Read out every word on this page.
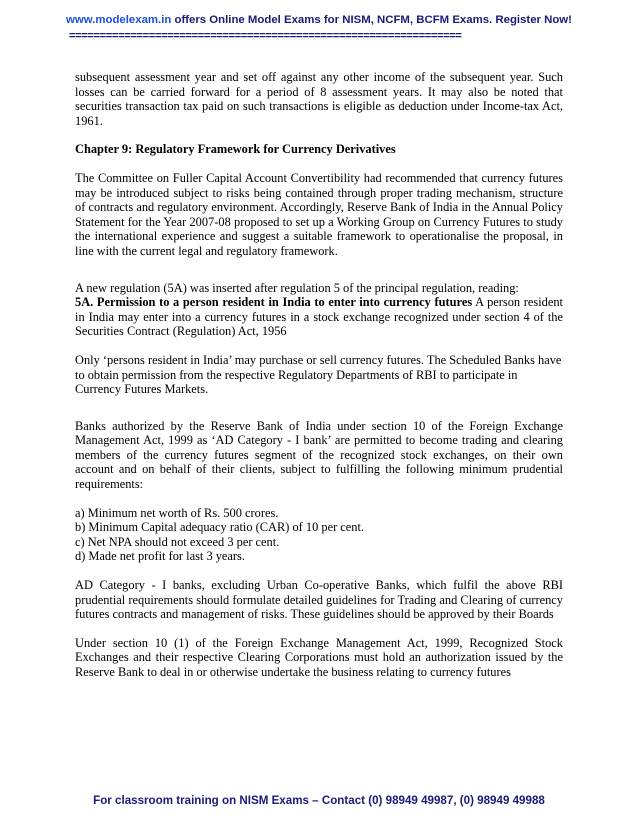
www.modelexam.in offers Online Model Exams for NISM, NCFM, BCFM Exams. Register Now!
================================================================

subsequent assessment year and set off against any other income of the subsequent year. Such losses can be carried forward for a period of 8 assessment years. It may also be noted that securities transaction tax paid on such transactions is eligible as deduction under Income-tax Act, 1961.

Chapter 9: Regulatory Framework for Currency Derivatives

The Committee on Fuller Capital Account Convertibility had recommended that currency futures may be introduced subject to risks being contained through proper trading mechanism, structure of contracts and regulatory environment. Accordingly, Reserve Bank of India in the Annual Policy Statement for the Year 2007-08 proposed to set up a Working Group on Currency Futures to study the international experience and suggest a suitable framework to operationalise the proposal, in line with the current legal and regulatory framework.

A new regulation (5A) was inserted after regulation 5 of the principal regulation, reading:

5A. Permission to a person resident in India to enter into currency futures A person resident in India may enter into a currency futures in a stock exchange recognized under section 4 of the Securities Contract (Regulation) Act, 1956

Only ‘persons resident in India’ may purchase or sell currency futures. The Scheduled Banks have to obtain permission from the respective Regulatory Departments of RBI to participate in Currency Futures Markets.

Banks authorized by the Reserve Bank of India under section 10 of the Foreign Exchange Management Act, 1999 as ‘AD Category - I bank’ are permitted to become trading and clearing members of the currency futures segment of the recognized stock exchanges, on their own account and on behalf of their clients, subject to fulfilling the following minimum prudential requirements:

a) Minimum net worth of Rs. 500 crores.

b) Minimum Capital adequacy ratio (CAR) of 10 per cent.

c) Net NPA should not exceed 3 per cent.

d) Made net profit for last 3 years.

AD Category - I banks, excluding Urban Co-operative Banks, which fulfil the above RBI prudential requirements should formulate detailed guidelines for Trading and Clearing of currency futures contracts and management of risks. These guidelines should be approved by their Boards

Under section 10 (1) of the Foreign Exchange Management Act, 1999, Recognized Stock Exchanges and their respective Clearing Corporations must hold an authorization issued by the Reserve Bank to deal in or otherwise undertake the business relating to currency futures

For classroom training on NISM Exams – Contact (0) 98949 49987, (0) 98949 49988
